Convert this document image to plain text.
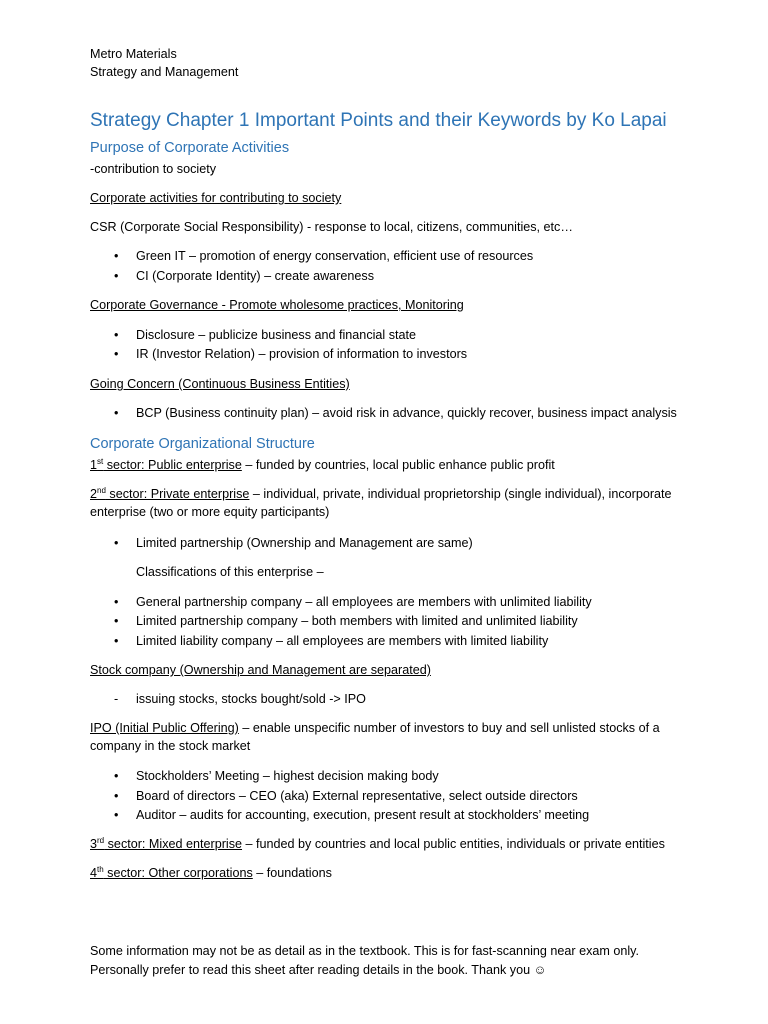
Metro Materials
Strategy and Management
Strategy Chapter 1 Important Points and their Keywords by Ko Lapai
Purpose of Corporate Activities
-contribution to society
Corporate activities for contributing to society
CSR (Corporate Social Responsibility) - response to local, citizens, communities, etc…
• Green IT – promotion of energy conservation, efficient use of resources
• CI (Corporate Identity) – create awareness
Corporate Governance - Promote wholesome practices, Monitoring
• Disclosure – publicize business and financial state
• IR (Investor Relation) – provision of information to investors
Going Concern (Continuous Business Entities)
• BCP (Business continuity plan) – avoid risk in advance, quickly recover, business impact analysis
Corporate Organizational Structure
1st sector: Public enterprise – funded by countries, local public enhance public profit
2nd sector: Private enterprise – individual, private, individual proprietorship (single individual), incorporate enterprise (two or more equity participants)
• Limited partnership (Ownership and Management are same)
Classifications of this enterprise –
• General partnership company – all employees are members with unlimited liability
• Limited partnership company – both members with limited and unlimited liability
• Limited liability company – all employees are members with limited liability
Stock company (Ownership and Management are separated)
- issuing stocks, stocks bought/sold -> IPO
IPO (Initial Public Offering) – enable unspecific number of investors to buy and sell unlisted stocks of a company in the stock market
• Stockholders’ Meeting – highest decision making body
• Board of directors – CEO (aka) External representative, select outside directors
• Auditor – audits for accounting, execution, present result at stockholders’ meeting
3rd sector: Mixed enterprise – funded by countries and local public entities, individuals or private entities
4th sector: Other corporations – foundations
Some information may not be as detail as in the textbook. This is for fast-scanning near exam only.
Personally prefer to read this sheet after reading details in the book. Thank you ☺
